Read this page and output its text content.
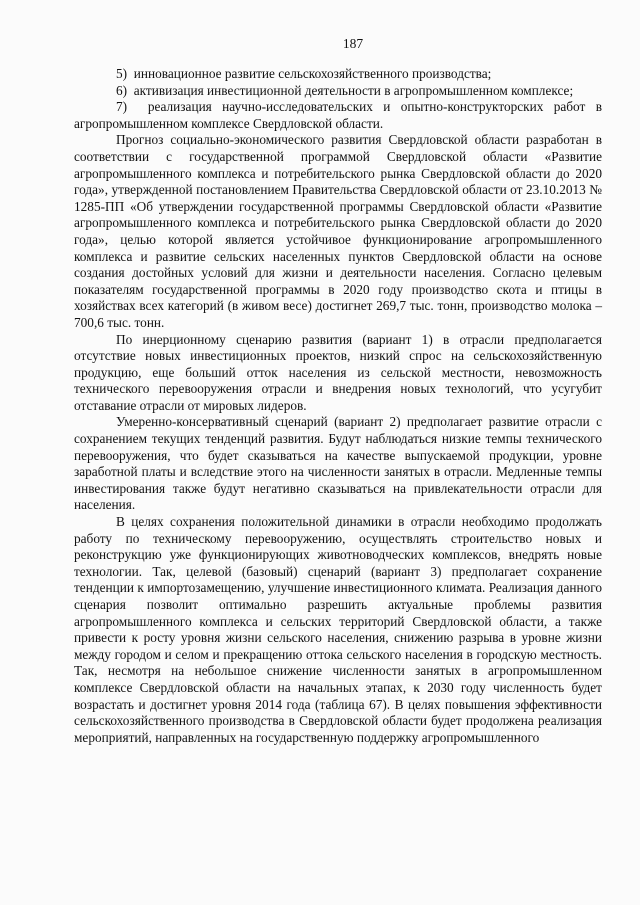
187

5)  инновационное развитие сельскохозяйственного производства;

6)  активизация инвестиционной деятельности в агропромышленном комплексе;

7)  реализация научно-исследовательских и опытно-конструкторских работ в агропромышленном комплексе Свердловской области.

Прогноз социально-экономического развития Свердловской области разработан в соответствии с государственной программой Свердловской области «Развитие агропромышленного комплекса и потребительского рынка Свердловской области до 2020 года», утвержденной постановлением Правительства Свердловской области от 23.10.2013 № 1285-ПП «Об утверждении государственной программы Свердловской области «Развитие агропромышленного комплекса и потребительского рынка Свердловской области до 2020 года», целью которой является устойчивое функционирование агропромышленного комплекса и развитие сельских населенных пунктов Свердловской области на основе создания достойных условий для жизни и деятельности населения. Согласно целевым показателям государственной программы в 2020 году производство скота и птицы в хозяйствах всех категорий (в живом весе) достигнет 269,7 тыс. тонн, производство молока – 700,6 тыс. тонн.

По инерционному сценарию развития (вариант 1) в отрасли предполагается отсутствие новых инвестиционных проектов, низкий спрос на сельскохозяйственную продукцию, еще больший отток населения из сельской местности, невозможность технического перевооружения отрасли и внедрения новых технологий, что усугубит отставание отрасли от мировых лидеров.

Умеренно-консервативный сценарий (вариант 2) предполагает развитие отрасли с сохранением текущих тенденций развития. Будут наблюдаться низкие темпы технического перевооружения, что будет сказываться на качестве выпускаемой продукции, уровне заработной платы и вследствие этого на численности занятых в отрасли. Медленные темпы инвестирования также будут негативно сказываться на привлекательности отрасли для населения.

В целях сохранения положительной динамики в отрасли необходимо продолжать работу по техническому перевооружению, осуществлять строительство новых и реконструкцию уже функционирующих животноводческих комплексов, внедрять новые технологии. Так, целевой (базовый) сценарий (вариант 3) предполагает сохранение тенденции к импортозамещению, улучшение инвестиционного климата. Реализация данного сценария позволит оптимально разрешить актуальные проблемы развития агропромышленного комплекса и сельских территорий Свердловской области, а также привести к росту уровня жизни сельского населения, снижению разрыва в уровне жизни между городом и селом и прекращению оттока сельского населения в городскую местность. Так, несмотря на небольшое снижение численности занятых в агропромышленном комплексе Свердловской области на начальных этапах, к 2030 году численность будет возрастать и достигнет уровня 2014 года (таблица 67). В целях повышения эффективности сельскохозяйственного производства в Свердловской области будет продолжена реализация мероприятий, направленных на государственную поддержку агропромышленного
